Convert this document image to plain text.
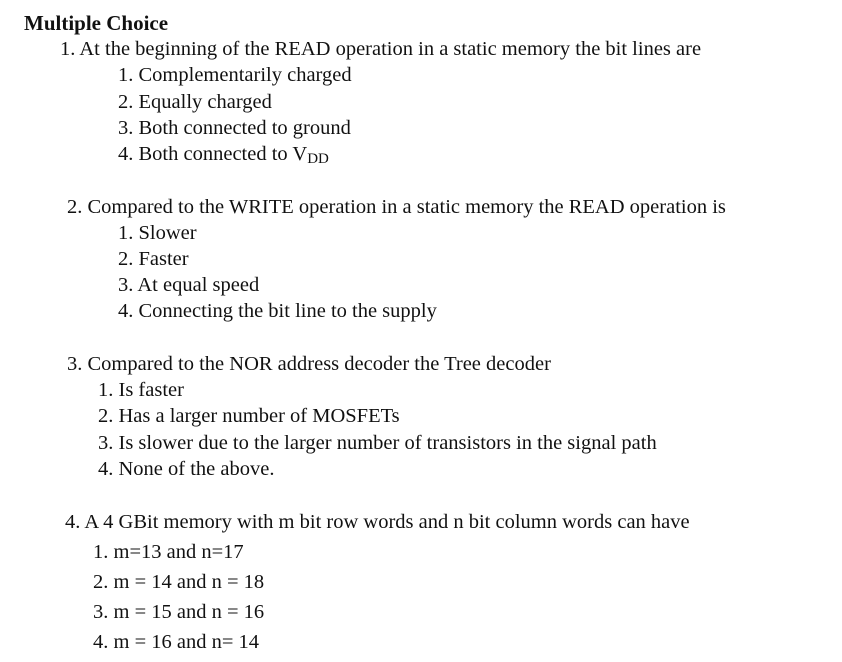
Multiple Choice
1. At the beginning of the READ operation in a static memory the bit lines are
1. Complementarily charged
2. Equally charged
3. Both connected to ground
4. Both connected to $V_{DD}$
2. Compared to the WRITE operation in a static memory the READ operation is
1. Slower
2. Faster
3. At equal speed
4. Connecting the bit line to the supply
3. Compared to the NOR address decoder the Tree decoder
1. Is faster
2. Has a larger number of MOSFETs
3. Is slower due to the larger number of transistors in the signal path
4. None of the above.
4. A 4 GBit memory with m bit row words and n bit column words can have
1. m=13 and n=17
2. m = 14 and n = 18
3. m = 15 and n = 16
4. m = 16 and n= 14
